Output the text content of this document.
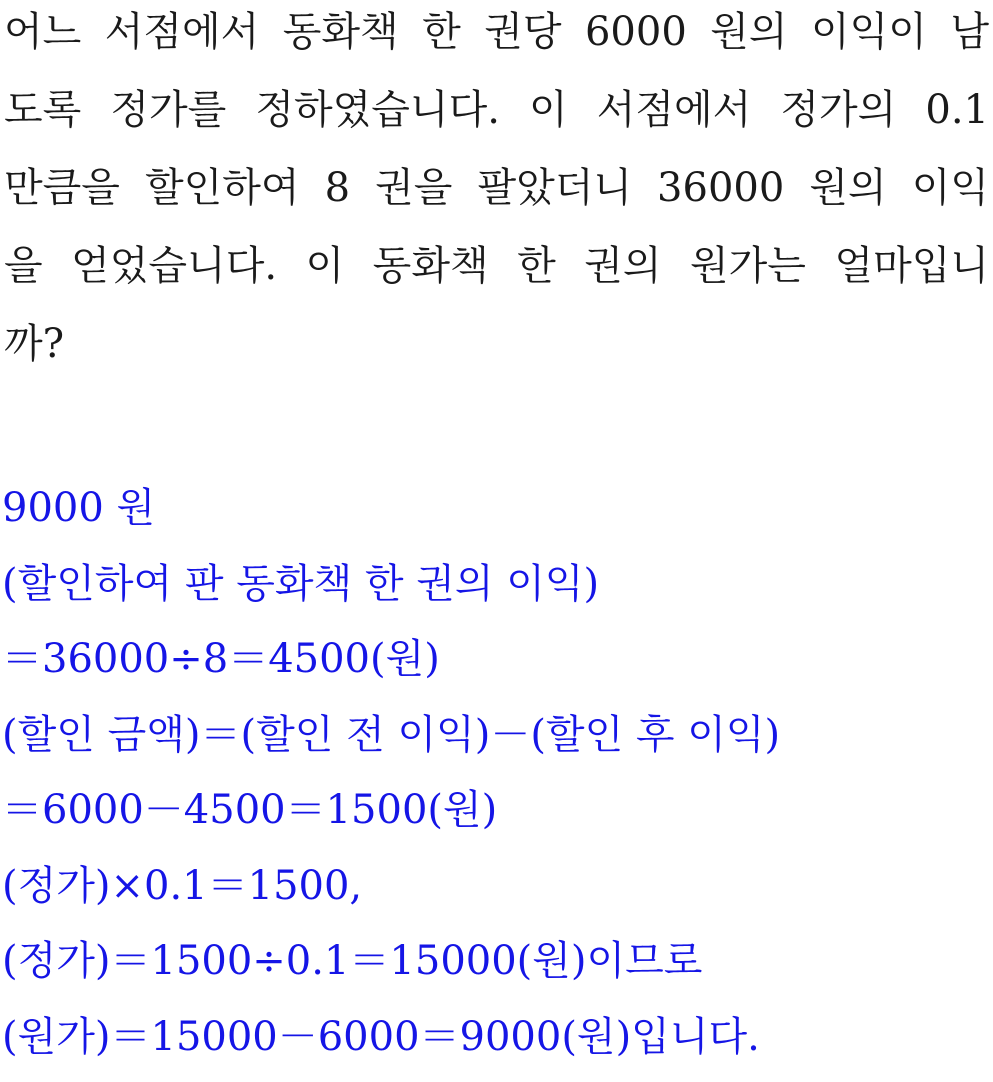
어느 서점에서 동화책 한 권당 6000 원의 이익이 남
도록 정가를 정하였습니다. 이 서점에서 정가의 0.1
만큼을 할인하여 8 권을 팔았더니 36000 원의 이익
을 얻었습니다. 이 동화책 한 권의 원가는 얼마입니
까?
9000 원
(할인하여 판 동화책 한 권의 이익)
＝36000÷8＝4500(원)
(할인 금액)＝(할인 전 이익)－(할인 후 이익)
＝6000－4500＝1500(원)
(정가)×0.1＝1500,
(정가)＝1500÷0.1＝15000(원)이므로
(원가)＝15000－6000＝9000(원)입니다.
